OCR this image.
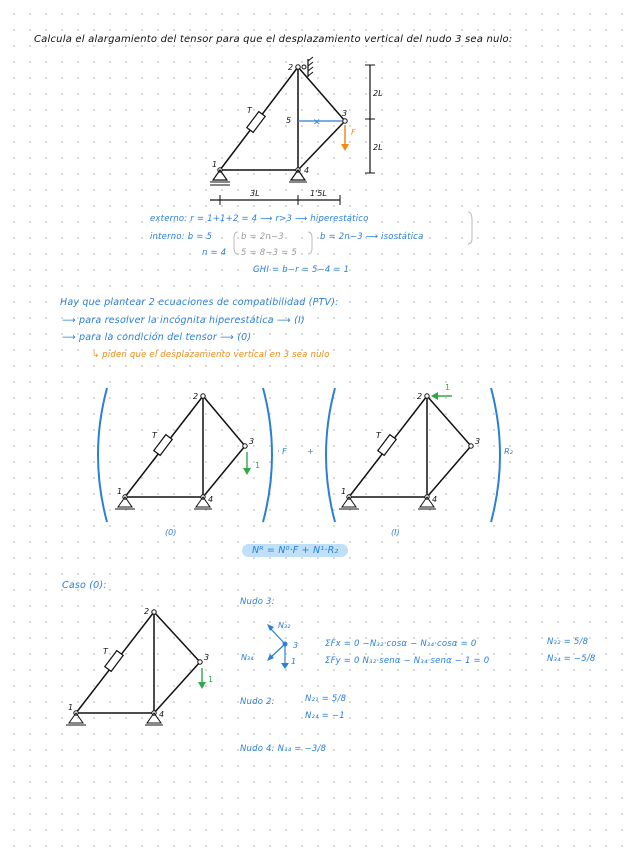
Calcula el alargamiento del tensor para que el desplazamiento vertical del nudo 3 sea nulo:
✕
1
2
3
4
5
T
F
2L
2L
3L	1'5L
externo: r = 1+1+2 = 4 ⟶ r>3 ⟶ hiperestático
interno: b = 5	b = 2n−3
n = 4 5 = 8−3 = 5
b = 2n−3 ⟶ isostática
GHI = b−r = 5−4 = 1
Hay que plantear 2 ecuaciones de compatibilidad (PTV):
⟶ para resolver la incógnita hiperestática ⟶ (I)
⟶ para la condición del tensor ⟶ (0)
↳ piden que el desplazamiento vertical en 3 sea nulo
1
2
3
4
T
1
(0)
· F	+
1
1
2
3
4
T
(I)
· R₂
Nᴿ = N⁰·F + N¹·R₂
Caso (0):
1
1
2
3
4
T
Nudo 3:
N₃₂
N₃₄
3
1
ΣFx = 0 −N₃₂·cosα − N₃₄·cosα = 0
ΣFy = 0 N₃₂·senα − N₃₄·senα − 1 = 0
N₃₂ = 5/8
N₃₄ = −5/8
Nudo 2:	N₂₁ = 5/8
N₂₄ = −1
Nudo 4: N₁₄ = −3/8
